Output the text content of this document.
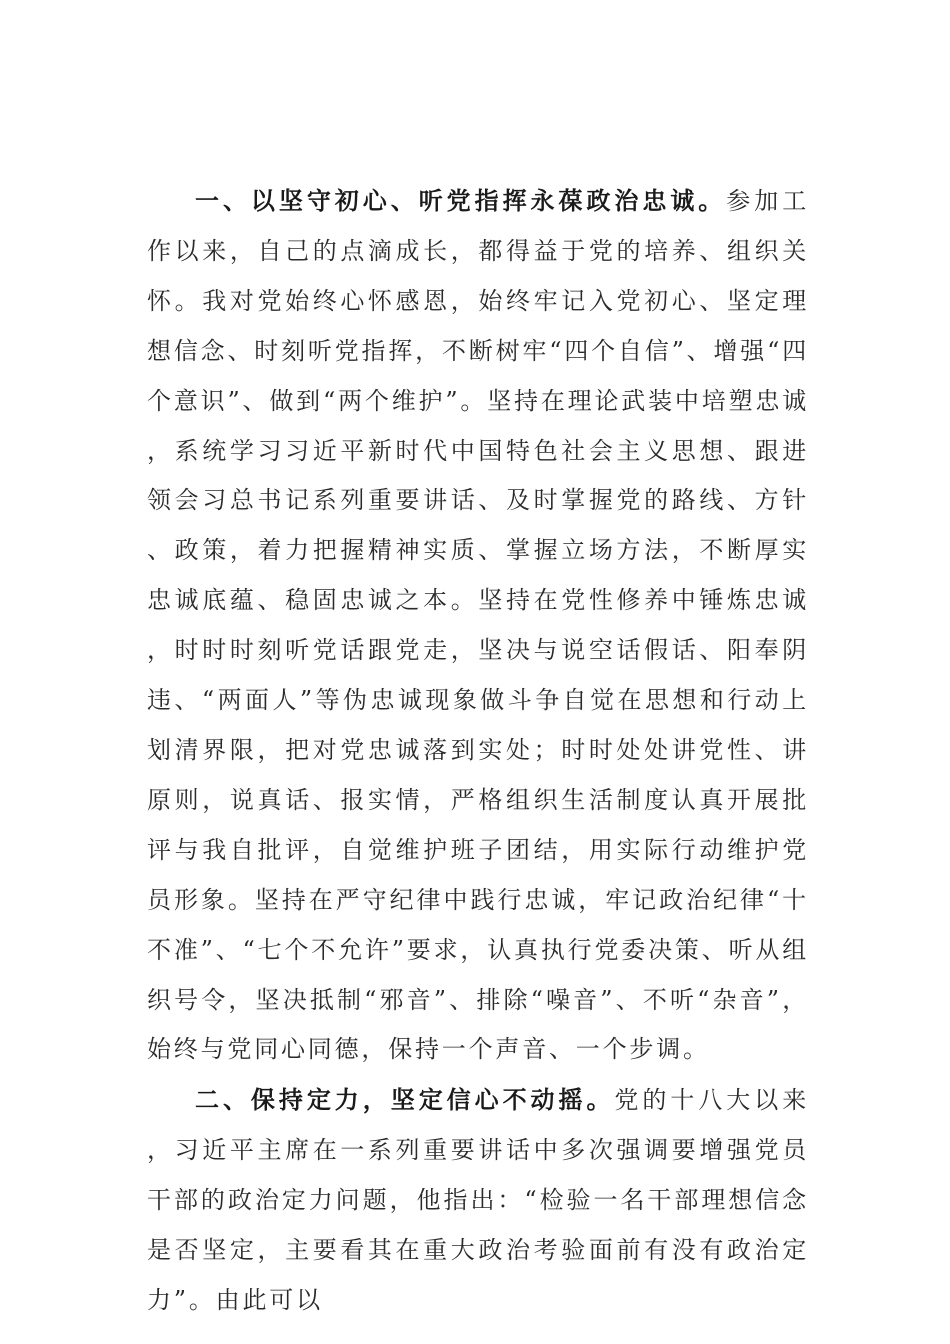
一、以坚守初心、听党指挥永葆政治忠诚。参加工作以来，自己的点滴成长，都得益于党的培养、组织关怀。我对党始终心怀感恩，始终牢记入党初心、坚定理想信念、时刻听党指挥，不断树牢“四个自信”、增强“四个意识”、做到“两个维护”。坚持在理论武装中培塑忠诚，系统学习习近平新时代中国特色社会主义思想、跟进领会习总书记系列重要讲话、及时掌握党的路线、方针、政策，着力把握精神实质、掌握立场方法，不断厚实忠诚底蕴、稳固忠诚之本。坚持在党性修养中锤炼忠诚，时时时刻听党话跟党走，坚决与说空话假话、阳奉阴违、“两面人”等伪忠诚现象做斗争自觉在思想和行动上划清界限，把对党忠诚落到实处；时时处处讲党性、讲原则，说真话、报实情，严格组织生活制度认真开展批评与我自批评，自觉维护班子团结，用实际行动维护党员形象。坚持在严守纪律中践行忠诚，牢记政治纪律“十不准”、“七个不允许”要求，认真执行党委决策、听从组织号令，坚决抵制“邪音”、排除“噪音”、不听“杂音”，始终与党同心同德，保持一个声音、一个步调。

二、保持定力，坚定信心不动摇。党的十八大以来，习近平主席在一系列重要讲话中多次强调要增强党员干部的政治定力问题，他指出：“检验一名干部理想信念是否坚定，主要看其在重大政治考验面前有没有政治定力”。由此可以
